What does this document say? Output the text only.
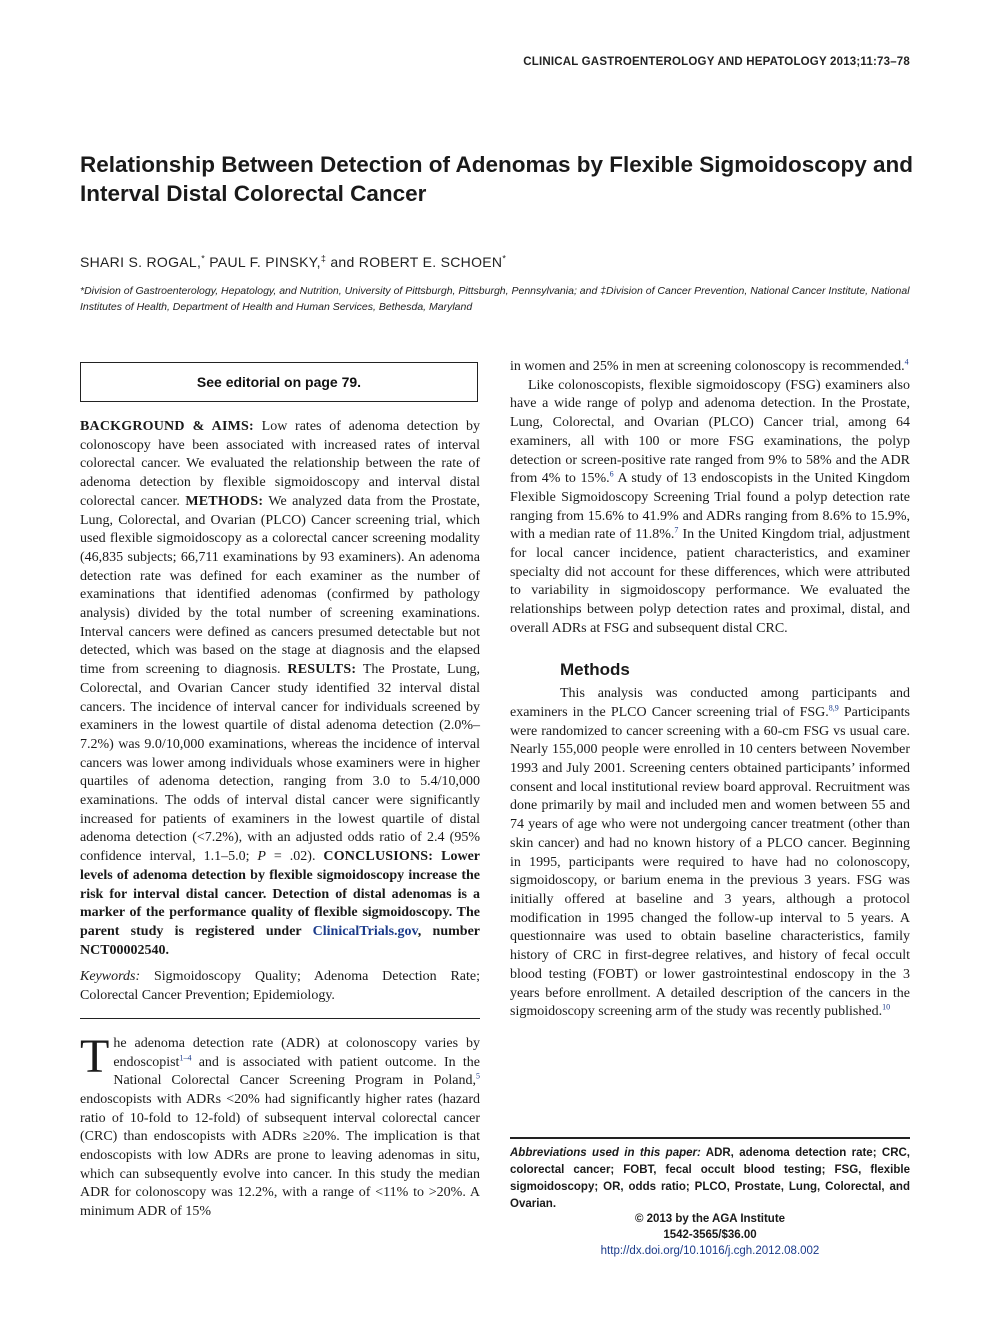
CLINICAL GASTROENTEROLOGY AND HEPATOLOGY 2013;11:73–78
Relationship Between Detection of Adenomas by Flexible Sigmoidoscopy and Interval Distal Colorectal Cancer
SHARI S. ROGAL,* PAUL F. PINSKY,‡ and ROBERT E. SCHOEN*
*Division of Gastroenterology, Hepatology, and Nutrition, University of Pittsburgh, Pittsburgh, Pennsylvania; and ‡Division of Cancer Prevention, National Cancer Institute, National Institutes of Health, Department of Health and Human Services, Bethesda, Maryland
See editorial on page 79.

BACKGROUND & AIMS: Low rates of adenoma detection by colonoscopy have been associated with increased rates of interval colorectal cancer. We evaluated the relationship between the rate of adenoma detection by flexible sigmoidoscopy and interval distal colorectal cancer. METHODS: We analyzed data from the Prostate, Lung, Colorectal, and Ovarian (PLCO) Cancer screening trial, which used flexible sigmoidoscopy as a colorectal cancer screening modality (46,835 subjects; 66,711 examinations by 93 examiners). An adenoma detection rate was defined for each examiner as the number of examinations that identified adenomas (confirmed by pathology analysis) divided by the total number of screening examinations. Interval cancers were defined as cancers presumed detectable but not detected, which was based on the stage at diagnosis and the elapsed time from screening to diagnosis. RESULTS: The Prostate, Lung, Colorectal, and Ovarian Cancer study identified 32 interval distal cancers. The incidence of interval cancer for individuals screened by examiners in the lowest quartile of distal adenoma detection (2.0%–7.2%) was 9.0/10,000 examinations, whereas the incidence of interval cancers was lower among individuals whose examiners were in higher quartiles of adenoma detection, ranging from 3.0 to 5.4/10,000 examinations. The odds of interval distal cancer were significantly increased for patients of examiners in the lowest quartile of distal adenoma detection (<7.2%), with an adjusted odds ratio of 2.4 (95% confidence interval, 1.1–5.0; P = .02). CONCLUSIONS: Lower levels of adenoma detection by flexible sigmoidoscopy increase the risk for interval distal cancer. Detection of distal adenomas is a marker of the performance quality of flexible sigmoidoscopy. The parent study is registered under ClinicalTrials.gov, number NCT00002540.

Keywords: Sigmoidoscopy Quality; Adenoma Detection Rate; Colorectal Cancer Prevention; Epidemiology.

The adenoma detection rate (ADR) at colonoscopy varies by endoscopist$^{1-4}$ and is associated with patient outcome. In the National Colorectal Cancer Screening Program in Poland,$^5$ endoscopists with ADRs <20% had significantly higher rates (hazard ratio of 10-fold to 12-fold) of subsequent interval colorectal cancer (CRC) than endoscopists with ADRs ≥20%. The implication is that endoscopists with low ADRs are prone to leaving adenomas in situ, which can subsequently evolve into cancer. In this study the median ADR for colonoscopy was 12.2%, with a range of <11% to >20%. A minimum ADR of 15%

in women and 25% in men at screening colonoscopy is recommended.$^4$

Like colonoscopists, flexible sigmoidoscopy (FSG) examiners also have a wide range of polyp and adenoma detection. In the Prostate, Lung, Colorectal, and Ovarian (PLCO) Cancer trial, among 64 examiners, all with 100 or more FSG examinations, the polyp detection or screen-positive rate ranged from 9% to 58% and the ADR from 4% to 15%.$^6$ A study of 13 endoscopists in the United Kingdom Flexible Sigmoidoscopy Screening Trial found a polyp detection rate ranging from 15.6% to 41.9% and ADRs ranging from 8.6% to 15.9%, with a median rate of 11.8%.$^7$ In the United Kingdom trial, adjustment for local cancer incidence, patient characteristics, and examiner specialty did not account for these differences, which were attributed to variability in sigmoidoscopy performance. We evaluated the relationships between polyp detection rates and proximal, distal, and overall ADRs at FSG and subsequent distal CRC.

Methods

This analysis was conducted among participants and examiners in the PLCO Cancer screening trial of FSG.$^{8,9}$ Participants were randomized to cancer screening with a 60-cm FSG vs usual care. Nearly 155,000 people were enrolled in 10 centers between November 1993 and July 2001. Screening centers obtained participants’ informed consent and local institutional review board approval. Recruitment was done primarily by mail and included men and women between 55 and 74 years of age who were not undergoing cancer treatment (other than skin cancer) and had no known history of a PLCO cancer. Beginning in 1995, participants were required to have had no colonoscopy, sigmoidoscopy, or barium enema in the previous 3 years. FSG was initially offered at baseline and 3 years, although a protocol modification in 1995 changed the follow-up interval to 5 years. A questionnaire was used to obtain baseline characteristics, family history of CRC in first-degree relatives, and history of fecal occult blood testing (FOBT) or lower gastrointestinal endoscopy in the 3 years before enrollment. A detailed description of the cancers in the sigmoidoscopy screening arm of the study was recently published.$^{10}$

Abbreviations used in this paper: ADR, adenoma detection rate; CRC, colorectal cancer; FOBT, fecal occult blood testing; FSG, flexible sigmoidoscopy; OR, odds ratio; PLCO, Prostate, Lung, Colorectal, and Ovarian.
© 2013 by the AGA Institute
1542-3565/$36.00
http://dx.doi.org/10.1016/j.cgh.2012.08.002
